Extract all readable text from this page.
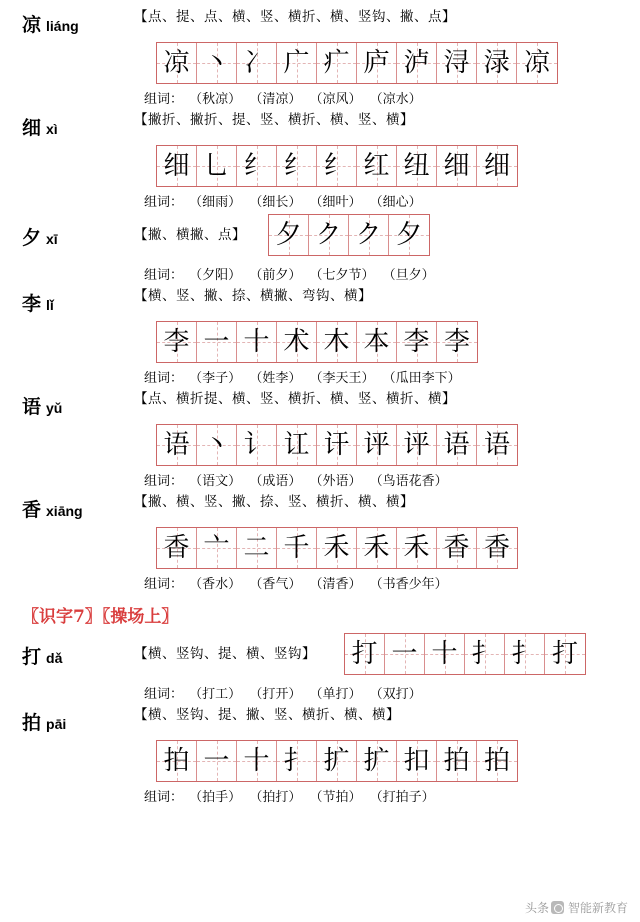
凉 liáng
【点、提、点、横、竖、横折、横、竖钩、撇、点】
凉 丶 冫 广 疒 庐 泸 浔 渌 凉
组词： （秋凉） （清凉） （凉风） （凉水）
细 xì
【撇折、撇折、提、竖、横折、横、竖、横】
细 乚 纟 纟 纟 红 纽 细 细
组词： （细雨） （细长） （细叶） （细心）
夕 xī	【撇、横撇、点】 夕 ク ク 夕
组词： （夕阳） （前夕） （七夕节） （旦夕）
李 lǐ
【横、竖、撇、捺、横撇、弯钩、横】
李 一 十 术 木 本 李 李
组词： （李子） （姓李） （李天王） （瓜田李下）
语 yǔ
【点、横折提、横、竖、横折、横、竖、横折、横】
语 丶 讠 讧 讦 评 评 语 语
组词： （语文） （成语） （外语） （鸟语花香）
香 xiāng
【撇、横、竖、撇、捺、竖、横折、横、横】
香 亠 二 千 禾 禾 禾 香 香
组词： （香水） （香气） （清香） （书香少年）
〖识字7〗〖操场上〗
打 dǎ	【横、竖钩、提、横、竖钩】 打 一 十 扌 扌 打
组词： （打工） （打开） （单打） （双打）
拍 pāi
【横、竖钩、提、撇、竖、横折、横、横】
拍 一 十 扌 扩 扩 扣 拍 拍
组词： （拍手） （拍打） （节拍） （打拍子）
头条 智能新教育
